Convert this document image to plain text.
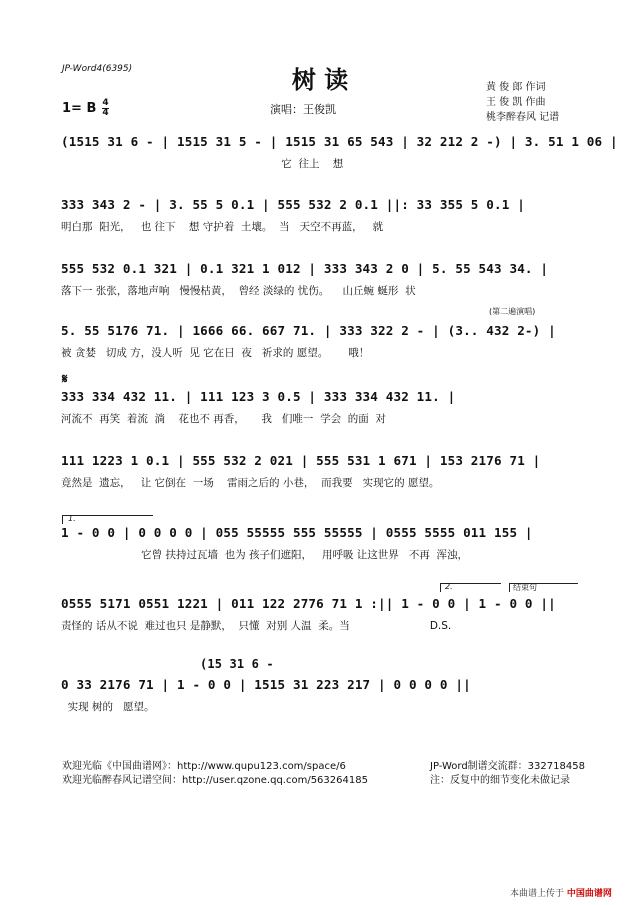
JP-Word4(6395)	树 读	黄 俊 郎 作词
王 俊 凯 作曲
桃李醉春风 记谱
1= B $\frac{4}{4}$	演唱：王俊凯
(1515 31 6 - | 1515 31 5 - | 1515 31 65 543 | 32 212 2 -) | 3. 51 1 06 |
它  往上    想
333 343 2 - | 3. 55 5 0.1 | 555 532 2 0.1 ||: 33 355 5 0.1 |
明白那  阳光，   也 往下    想 守护着  土壤。  当   天空不再蓝，   就
555 532 0.1 321 | 0.1 321 1 012 | 333 343 2 0 | 5. 55 543 34. |
落下一 张张，落地声响   慢慢枯黄，  曾经 淡绿的 忧伤。    山丘蜿 蜒形  状
(第二遍演唱)
5. 55 5176 71. | 1666 66. 667 71. | 333 322 2 - | (3.. 432 2-) |
被 贪婪   切成 方，没人听  见 它在日  夜   祈求的 愿望。      哦！
𝄋
333 334 432 11. | 111 123 3 0.5 | 333 334 432 11. |
河流不  再笑  着流  淌    花也不 再香，     我   们唯一  学会  的面  对
111 1223 1 0.1 | 555 532 2 021 | 555 531 1 671 | 153 2176 71 |
竟然是  遗忘，   让 它倒在  一场    雷雨之后的 小巷，  而我要   实现它的 愿望。
1.
1 - 0 0 | 0 0 0 0 | 055 55555 555 55555 | 0555 5555 011 155 |
它曾 扶持过瓦墙  也为 孩子们遮阳，   用呼吸 让这世界   不再  浑浊，
2.	结束句
0555 5171 0551 1221 | 011 122 2776 71 1 :|| 1 - 0 0 | 1 - 0 0 ||
责怪的 话从不说  难过也只 是静默，  只懂  对别 人温  柔。当                        D.S.
(15 31 6 -
0 33 2176 71 | 1 - 0 0 | 1515 31 223 217 | 0 0 0 0 ||
实现 树的   愿望。
欢迎光临《中国曲谱网》：http://www.qupu123.com/space/6
欢迎光临醉春风记谱空间：http://user.qzone.qq.com/563264185
JP-Word制谱交流群：332718458
注：反复中的细节变化未做记录
本曲谱上传于 中国曲谱网
